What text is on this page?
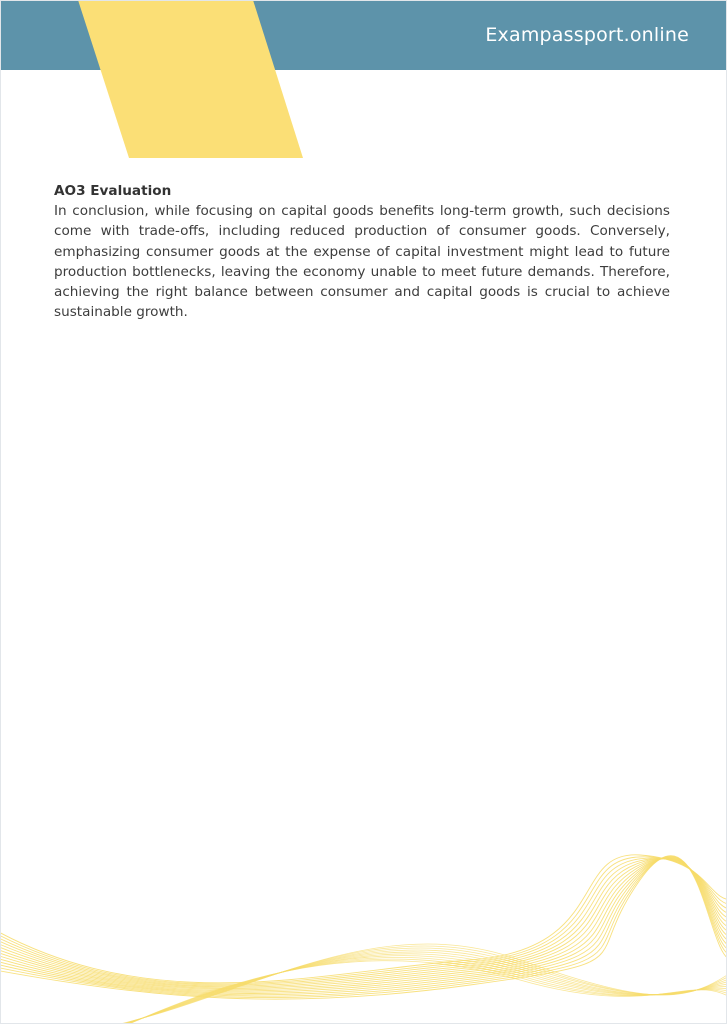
Exampassport.online

AO3 Evaluation

In conclusion, while focusing on capital goods benefits long-term growth, such decisions come with trade-offs, including reduced production of consumer goods. Conversely, emphasizing consumer goods at the expense of capital investment might lead to future production bottlenecks, leaving the economy unable to meet future demands. Therefore, achieving the right balance between consumer and capital goods is crucial to achieve sustainable growth.
